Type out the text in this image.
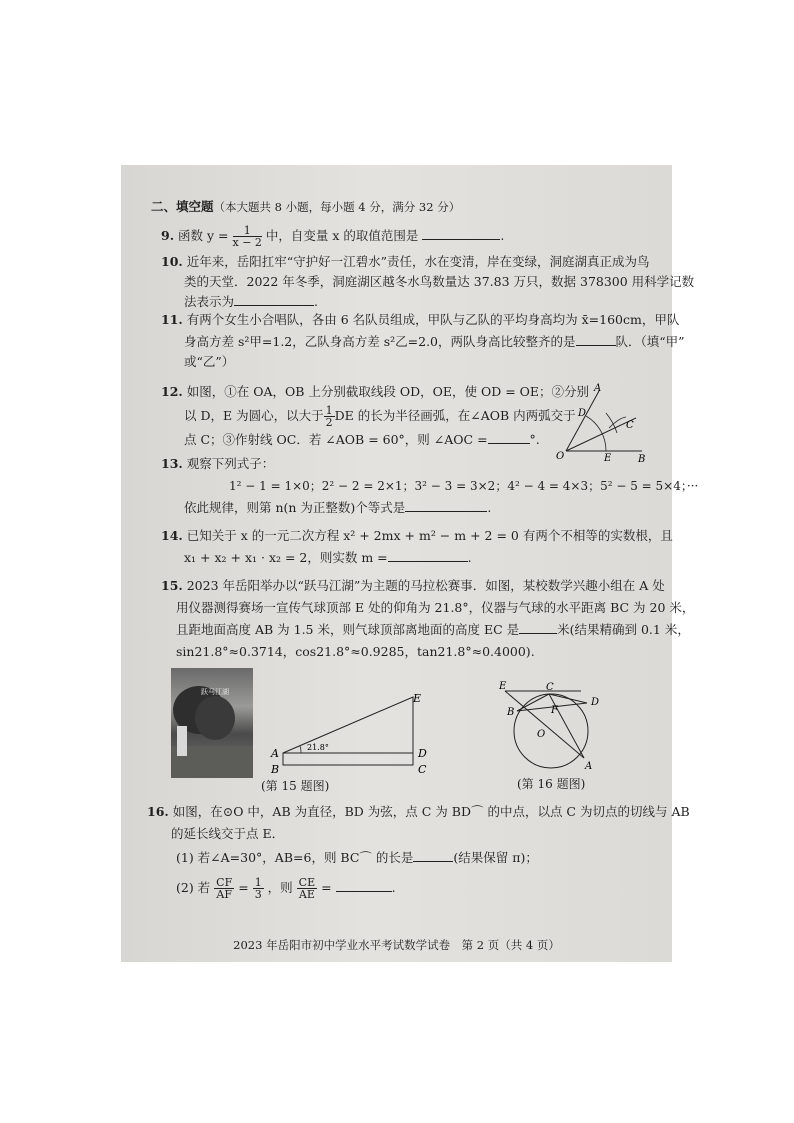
二、填空题（本大题共 8 小题，每小题 4 分，满分 32 分）
9. 函数 $y = \frac{1}{x - 2}$ 中，自变量 x 的取值范围是	.
10. 近年来，岳阳扛牢“守护好一江碧水”责任，水在变清，岸在变绿，洞庭湖真正成为鸟
类的天堂．2022 年冬季，洞庭湖区越冬水鸟数量达 37.83 万只，数据 378300 用科学记数
法表示为	.
11. 有两个女生小合唱队，各由 6 名队员组成，甲队与乙队的平均身高均为 x̄=160cm，甲队
身高方差 s²甲=1.2，乙队身高方差 s²乙=2.0，两队身高比较整齐的是	队．（填“甲”
或“乙”）
12. 如图，①在 OA，OB 上分别截取线段 OD，OE，使 OD = OE；②分别
以 D，E 为圆心，以大于 $\frac{1}{2}$ DE 的长为半径画弧，在∠AOB 内两弧交于
点 C；③作射线 OC．若 ∠AOB = 60°，则 ∠AOC =	°.
A
D
C
O	E	B
13. 观察下列式子：
1² − 1 = 1×0；2² − 2 = 2×1；3² − 3 = 3×2；4² − 4 = 4×3；5² − 5 = 5×4；···
依此规律，则第 n(n 为正整数)个等式是	.
14. 已知关于 x 的一元二次方程 x² + 2mx + m² − m + 2 = 0 有两个不相等的实数根，且
x₁ + x₂ + x₁ · x₂ = 2，则实数 m =	.
15. 2023 年岳阳举办以“跃马江湖”为主题的马拉松赛事．如图，某校数学兴趣小组在 A 处
用仪器测得赛场一宣传气球顶部 E 处的仰角为 21.8°，仪器与气球的水平距离 BC 为 20 米，
且距地面高度 AB 为 1.5 米，则气球顶部离地面的高度 EC 是	米(结果精确到 0.1 米，
sin21.8°≈0.3714，cos21.8°≈0.9285，tan21.8°≈0.4000).
跃马江湖
21.8°
A
B
D
C
E
(第 15 题图)
E	C
B
D
F
O
A
(第 16 题图)
16. 如图，在⊙O 中，AB 为直径，BD 为弦，点 C 为 BD⌒ 的中点，以点 C 为切点的切线与 AB
的延长线交于点 E．
(1) 若∠A=30°，AB=6，则 BC⌒ 的长是	(结果保留 π)；
(2) 若 $\frac{CF}{AF} = \frac{1}{3}$ ，则 $\frac{CE}{AE}$ =	.
2023 年岳阳市初中学业水平考试数学试卷　第 2 页（共 4 页）
